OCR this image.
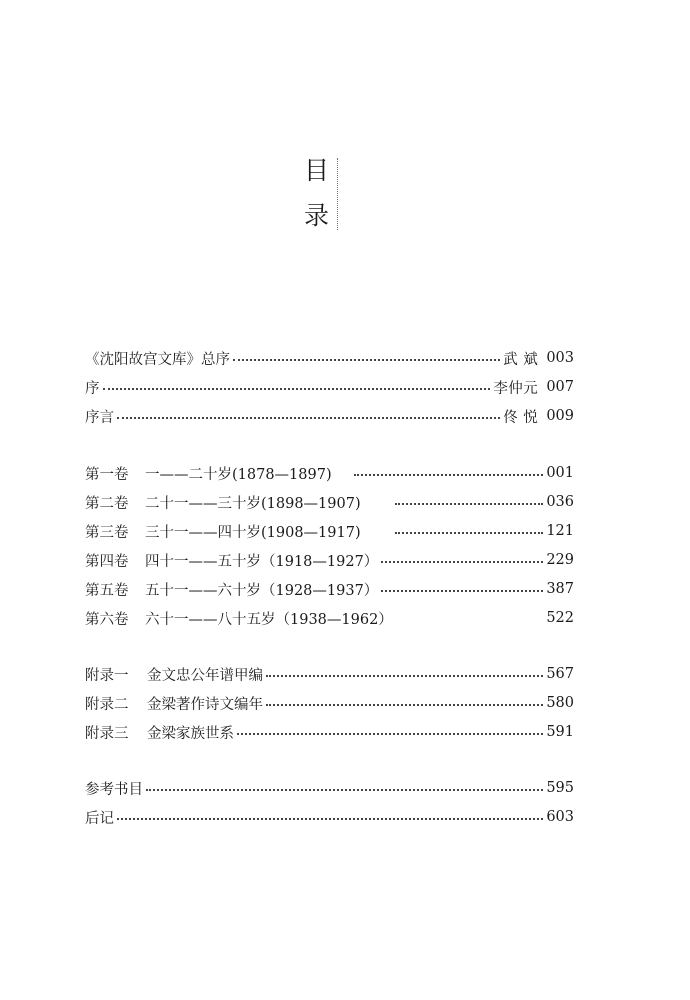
目
录
《沈阳故宫文库》总序	武 斌 003
序	李仲元 007
序言	佟 悦 009
第一卷	一——二十岁(1878—1897)	001
第二卷	二十一——三十岁(1898—1907)	036
第三卷	三十一——四十岁(1908—1917)	121
第四卷	四十一——五十岁（1918—1927）	229
第五卷	五十一——六十岁（1928—1937）	387
第六卷	六十一——八十五岁（1938—1962）	522
附录一	金文忠公年谱甲编	567
附录二	金梁著作诗文编年	580
附录三	金梁家族世系	591
参考书目	595
后记	603
